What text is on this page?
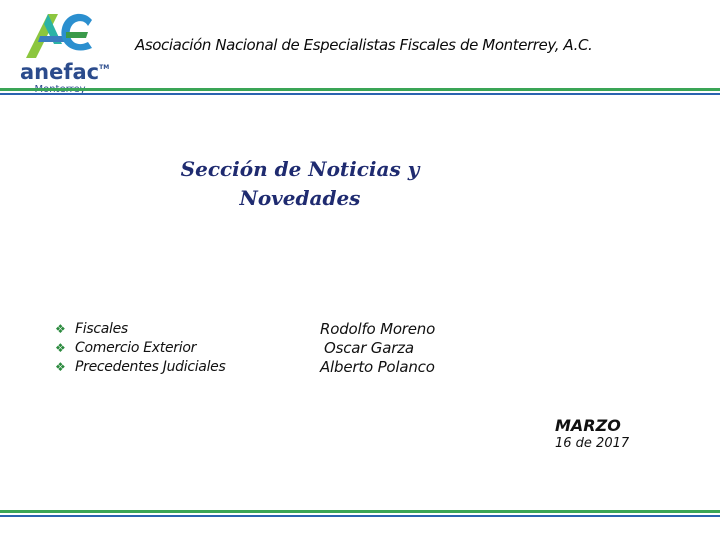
anefac™
Asociación Nacional de Especialistas Fiscales de Monterrey, A.C.
Sección de Noticias y
Novedades
❖ Fiscales
❖ Comercio Exterior
❖ Precedentes Judiciales
Rodolfo Moreno
Oscar Garza
Alberto Polanco
MARZO
16 de 2017
